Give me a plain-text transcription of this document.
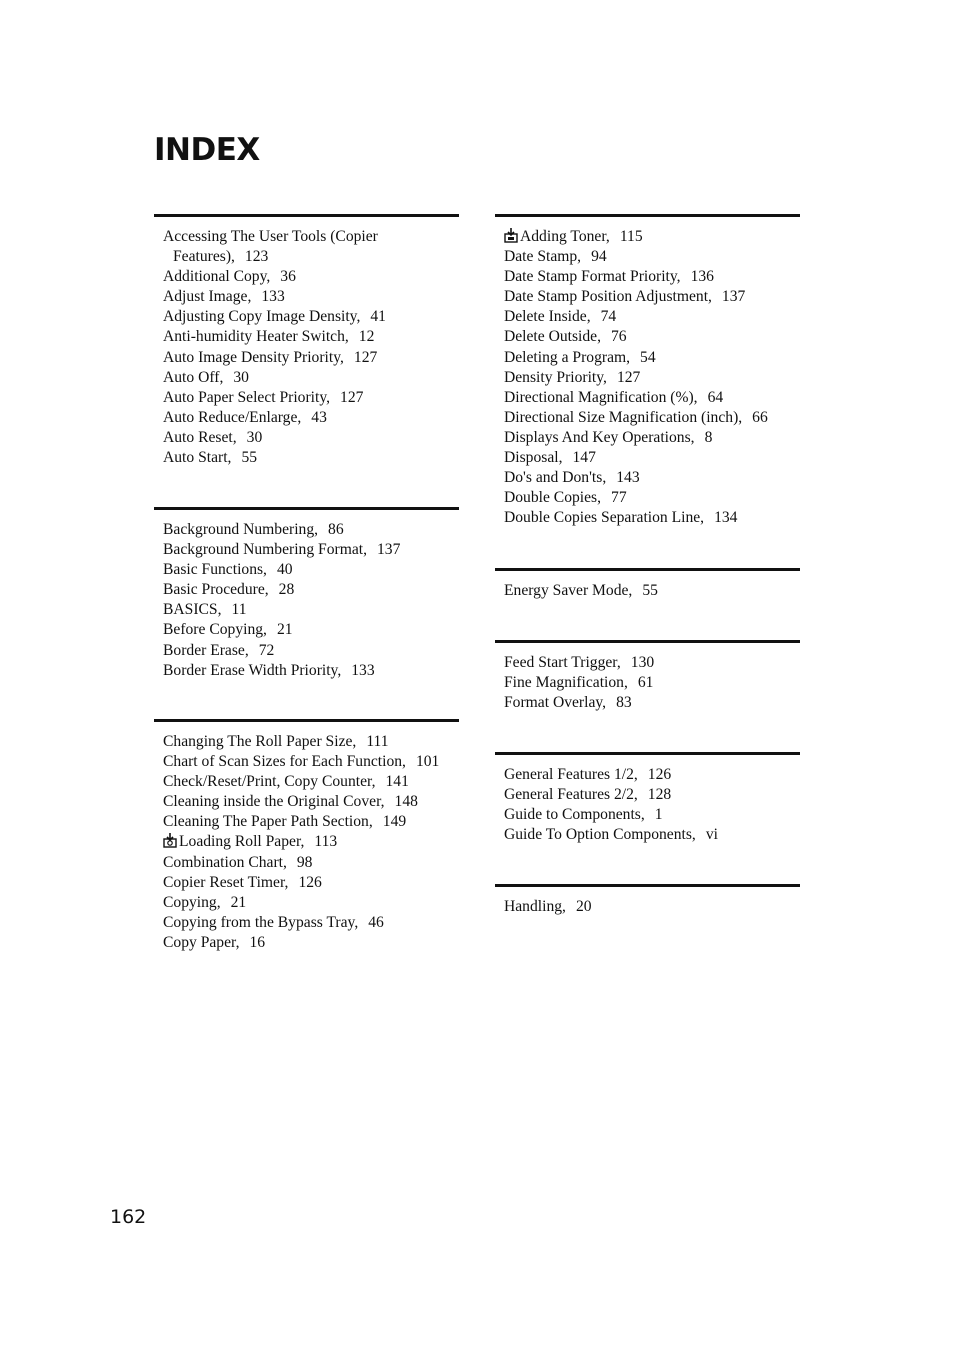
INDEX
Accessing The User Tools (Copier
Features), 123
Additional Copy, 36
Adjust Image, 133
Adjusting Copy Image Density, 41
Anti-humidity Heater Switch, 12
Auto Image Density Priority, 127
Auto Off, 30
Auto Paper Select Priority, 127
Auto Reduce/Enlarge, 43
Auto Reset, 30
Auto Start, 55
Background Numbering, 86
Background Numbering Format, 137
Basic Functions, 40
Basic Procedure, 28
BASICS, 11
Before Copying, 21
Border Erase, 72
Border Erase Width Priority, 133
Changing The Roll Paper Size, 111
Chart of Scan Sizes for Each Function, 101
Check/Reset/Print, Copy Counter, 141
Cleaning inside the Original Cover, 148
Cleaning The Paper Path Section, 149
Loading Roll Paper, 113
Combination Chart, 98
Copier Reset Timer, 126
Copying, 21
Copying from the Bypass Tray, 46
Copy Paper, 16
Adding Toner, 115
Date Stamp, 94
Date Stamp Format Priority, 136
Date Stamp Position Adjustment, 137
Delete Inside, 74
Delete Outside, 76
Deleting a Program, 54
Density Priority, 127
Directional Magnification (%), 64
Directional Size Magnification (inch), 66
Displays And Key Operations, 8
Disposal, 147
Do's and Don'ts, 143
Double Copies, 77
Double Copies Separation Line, 134
Energy Saver Mode, 55
Feed Start Trigger, 130
Fine Magnification, 61
Format Overlay, 83
General Features 1/2, 126
General Features 2/2, 128
Guide to Components, 1
Guide To Option Components, vi
Handling, 20
162
